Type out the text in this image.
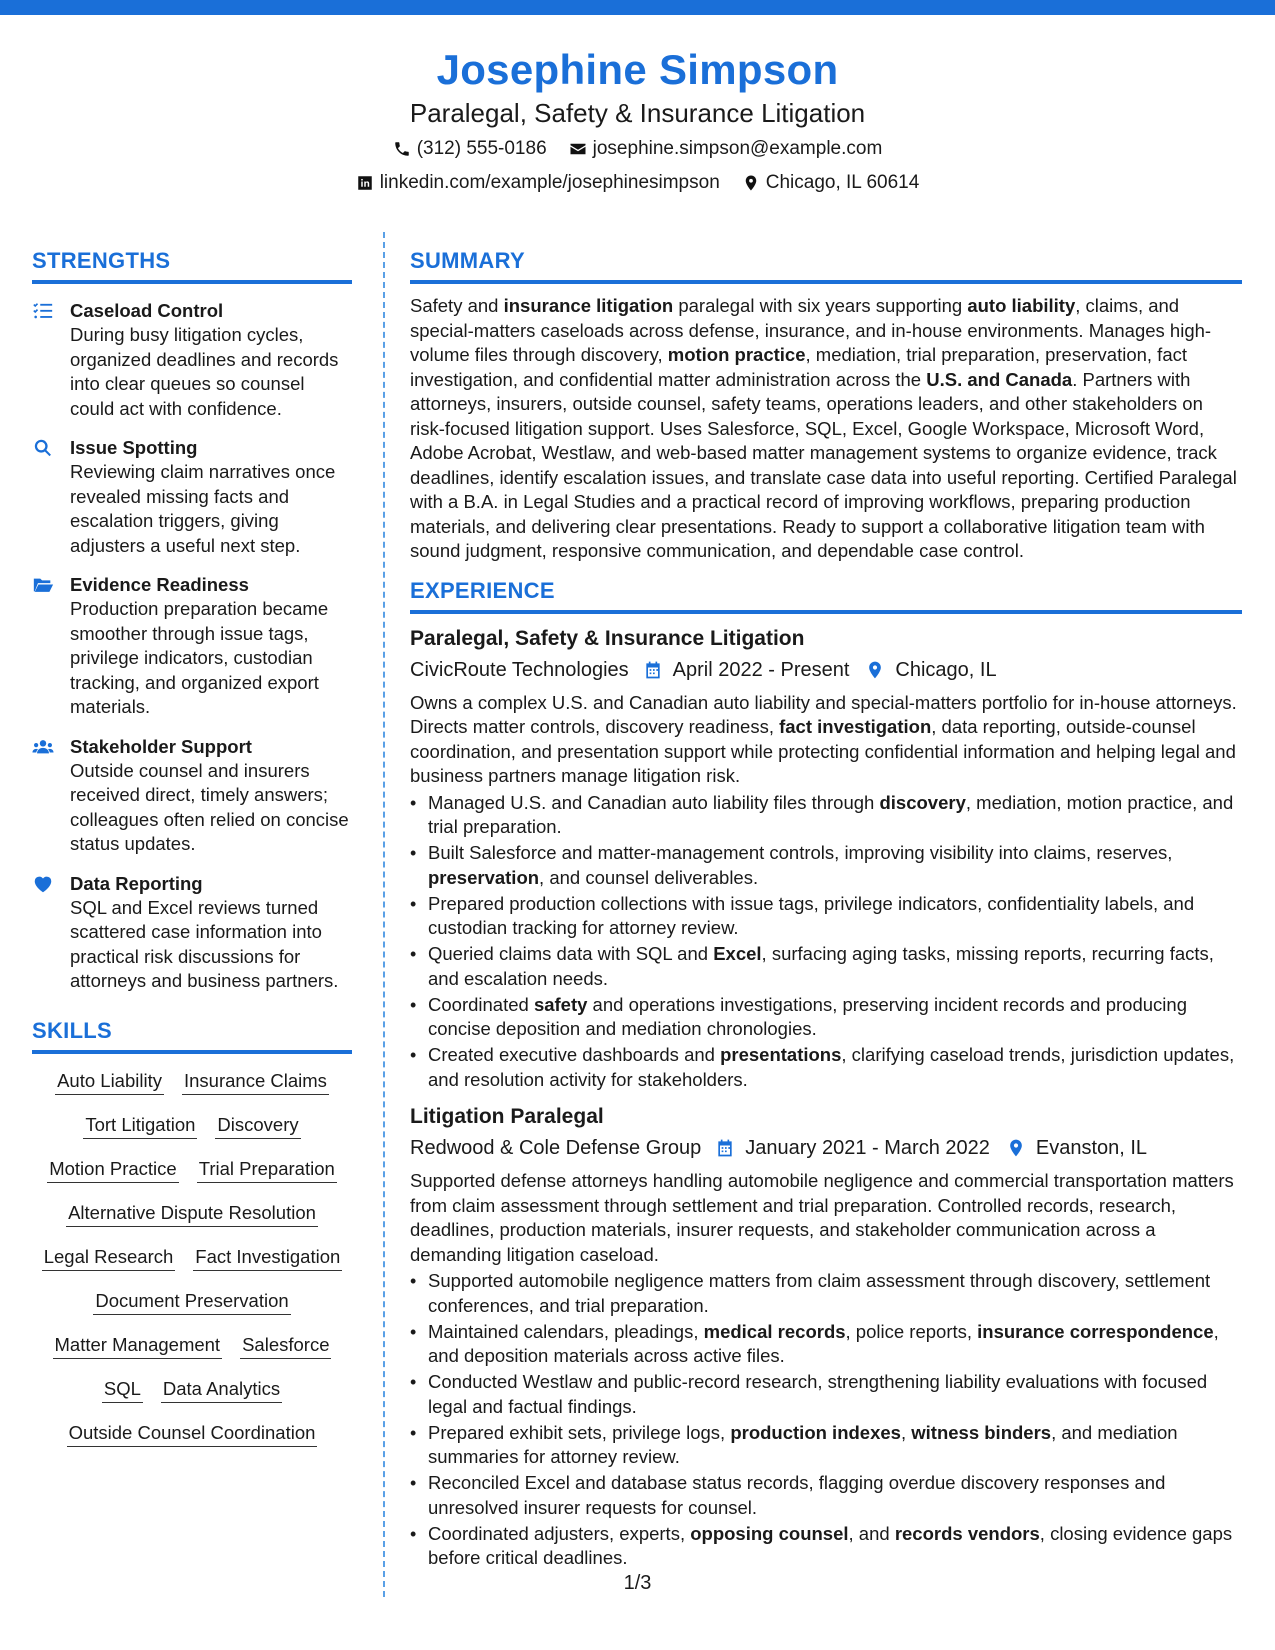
Josephine Simpson
Paralegal, Safety & Insurance Litigation
(312) 555-0186 josephine.simpson@example.com
linkedin.com/example/josephinesimpson Chicago, IL 60614
STRENGTHS
Caseload Control
During busy litigation cycles, organized deadlines and records into clear queues so counsel could act with confidence.
Issue Spotting
Reviewing claim narratives once revealed missing facts and escalation triggers, giving adjusters a useful next step.
Evidence Readiness
Production preparation became smoother through issue tags, privilege indicators, custodian tracking, and organized export materials.
Stakeholder Support
Outside counsel and insurers received direct, timely answers; colleagues often relied on concise status updates.
Data Reporting
SQL and Excel reviews turned scattered case information into practical risk discussions for attorneys and business partners.
SKILLS
Auto Liability Insurance Claims
Tort Litigation Discovery
Motion Practice Trial Preparation
Alternative Dispute Resolution
Legal Research Fact Investigation
Document Preservation
Matter Management Salesforce
SQL Data Analytics
Outside Counsel Coordination
SUMMARY
Safety and insurance litigation paralegal with six years supporting auto liability, claims, and special-matters caseloads across defense, insurance, and in-house environments. Manages high-volume files through discovery, motion practice, mediation, trial preparation, preservation, fact investigation, and confidential matter administration across the U.S. and Canada. Partners with attorneys, insurers, outside counsel, safety teams, operations leaders, and other stakeholders on risk-focused litigation support. Uses Salesforce, SQL, Excel, Google Workspace, Microsoft Word, Adobe Acrobat, Westlaw, and web-based matter management systems to organize evidence, track deadlines, identify escalation issues, and translate case data into useful reporting. Certified Paralegal with a B.A. in Legal Studies and a practical record of improving workflows, preparing production materials, and delivering clear presentations. Ready to support a collaborative litigation team with sound judgment, responsive communication, and dependable case control.
EXPERIENCE
Paralegal, Safety & Insurance Litigation
CivicRoute Technologies April 2022 - Present Chicago, IL
Owns a complex U.S. and Canadian auto liability and special-matters portfolio for in-house attorneys. Directs matter controls, discovery readiness, fact investigation, data reporting, outside-counsel coordination, and presentation support while protecting confidential information and helping legal and business partners manage litigation risk.
• Managed U.S. and Canadian auto liability files through discovery, mediation, motion practice, and trial preparation.
• Built Salesforce and matter-management controls, improving visibility into claims, reserves, preservation, and counsel deliverables.
• Prepared production collections with issue tags, privilege indicators, confidentiality labels, and custodian tracking for attorney review.
• Queried claims data with SQL and Excel, surfacing aging tasks, missing reports, recurring facts, and escalation needs.
• Coordinated safety and operations investigations, preserving incident records and producing concise deposition and mediation chronologies.
• Created executive dashboards and presentations, clarifying caseload trends, jurisdiction updates, and resolution activity for stakeholders.
Litigation Paralegal
Redwood & Cole Defense Group January 2021 - March 2022 Evanston, IL
Supported defense attorneys handling automobile negligence and commercial transportation matters from claim assessment through settlement and trial preparation. Controlled records, research, deadlines, production materials, insurer requests, and stakeholder communication across a demanding litigation caseload.
• Supported automobile negligence matters from claim assessment through discovery, settlement conferences, and trial preparation.
• Maintained calendars, pleadings, medical records, police reports, insurance correspondence, and deposition materials across active files.
• Conducted Westlaw and public-record research, strengthening liability evaluations with focused legal and factual findings.
• Prepared exhibit sets, privilege logs, production indexes, witness binders, and mediation summaries for attorney review.
• Reconciled Excel and database status records, flagging overdue discovery responses and unresolved insurer requests for counsel.
• Coordinated adjusters, experts, opposing counsel, and records vendors, closing evidence gaps before critical deadlines.
1/3
